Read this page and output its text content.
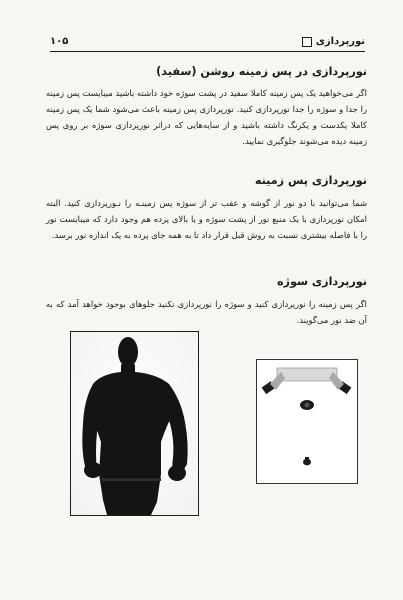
۱۰۵	نورپردازی
نورپردازی در پس زمینه روشن (سفید)

اگر می‌خواهید یک پس زمینه کاملا سفید در پشت سوژه خود داشته باشید میبایست پس زمینه را جدا و سوژه را جدا نورپردازی کنید. نورپردازی پس زمینه باعث می‌شود شما یک پس زمینه کاملا یکدست و یکرنگ داشته باشید و از سایه‌هایی که دراثر نورپردازی سوژه بر روی پس زمینه دیده می‌شوند جلوگیری نمایید.

نورپردازی پس زمینه

شما می‌توانید با دو نور از گوشه و عقب تر از سوژه پس زمینـه را نـورپردازی کنید. البته امکان نورپردازی با یک منبع نور از پشت سوژه و یا بالای پرده هم وجود دارد که میبایست نور را با فاصله بیشتری نسبت به روش قبل قرار داد تا به همه جای پرده به یک اندازه نور برسد.

نورپردازی سوژه

اگر پس زمینه را نورپردازی کنید و سوژه را نورپردازی نکنید جلوهای بوجود خواهد آمد که به آن ضد نور می‌گویند.
